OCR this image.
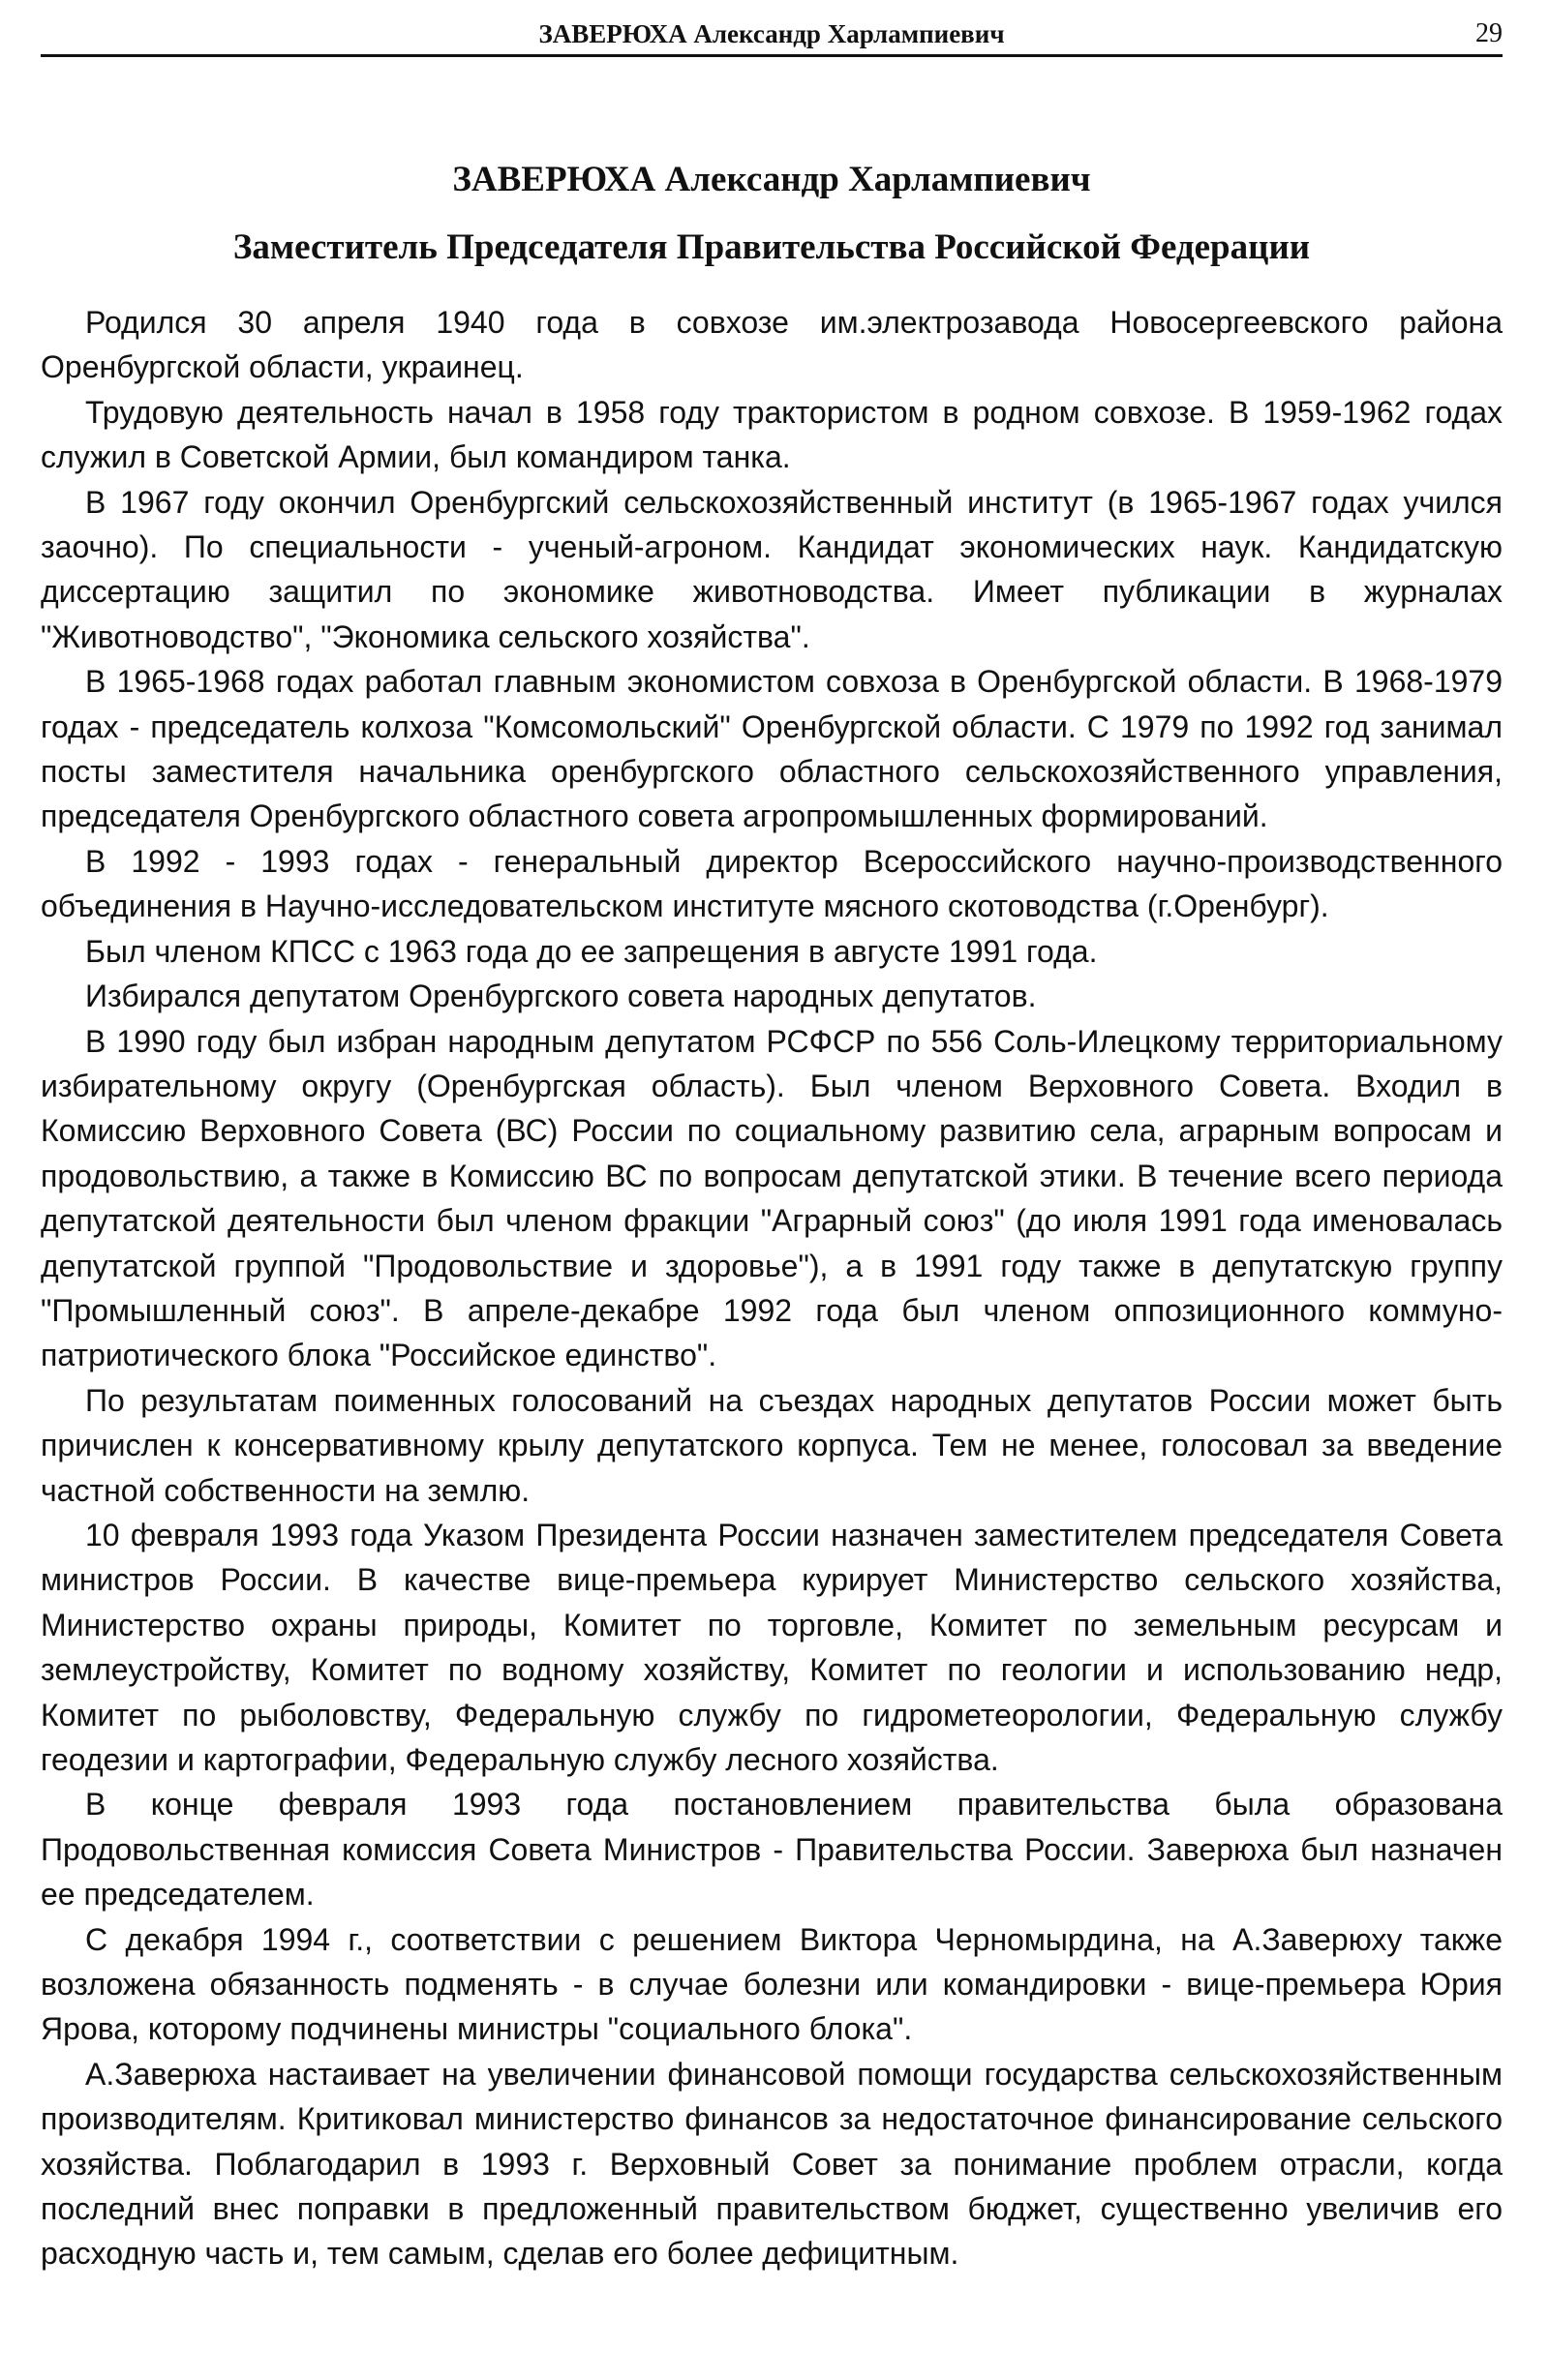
ЗАВЕРЮХА Александр Харлампиевич	29
ЗАВЕРЮХА Александр Харлампиевич
Заместитель Председателя Правительства Российской Федерации

Родился 30 апреля 1940 года в совхозе им.электрозавода Новосергеевского района Оренбургской области, украинец.

Трудовую деятельность начал в 1958 году трактористом в родном совхозе. В 1959-1962 годах служил в Советской Армии, был командиром танка.

В 1967 году окончил Оренбургский сельскохозяйственный институт (в 1965-1967 годах учился заочно). По специальности - ученый-агроном. Кандидат экономических наук. Кандидатскую диссертацию защитил по экономике животноводства. Имеет публикации в журналах "Животноводство", "Экономика сельского хозяйства".

В 1965-1968 годах работал главным экономистом совхоза в Оренбургской области. В 1968-1979 годах - председатель колхоза "Комсомольский" Оренбургской области. С 1979 по 1992 год занимал посты заместителя начальника оренбургского областного сельскохозяйственного управления, председателя Оренбургского областного совета агропромышленных формирований.

В 1992 - 1993 годах - генеральный директор Всероссийского научно-производственного объединения в Научно-исследовательском институте мясного скотоводства (г.Оренбург).

Был членом КПСС с 1963 года до ее запрещения в августе 1991 года.

Избирался депутатом Оренбургского совета народных депутатов.

В 1990 году был избран народным депутатом РСФСР по 556 Соль-Илецкому территориальному избирательному округу (Оренбургская область). Был членом Верховного Совета. Входил в Комиссию Верховного Совета (ВС) России по социальному развитию села, аграрным вопросам и продовольствию, а также в Комиссию ВС по вопросам депутатской этики. В течение всего периода депутатской деятельности был членом фракции "Аграрный союз" (до июля 1991 года именовалась депутатской группой "Продовольствие и здоровье"), а в 1991 году также в депутатскую группу "Промышленный союз". В апреле-декабре 1992 года был членом оппозиционного коммуно-патриотического блока "Российское единство".

По результатам поименных голосований на съездах народных депутатов России может быть причислен к консервативному крылу депутатского корпуса. Тем не менее, голосовал за введение частной собственности на землю.

10 февраля 1993 года Указом Президента России назначен заместителем председателя Совета министров России. В качестве вице-премьера курирует Министерство сельского хозяйства, Министерство охраны природы, Комитет по торговле, Комитет по земельным ресурсам и землеустройству, Комитет по водному хозяйству, Комитет по геологии и использованию недр, Комитет по рыболовству, Федеральную службу по гидрометеорологии, Федеральную службу геодезии и картографии, Федеральную службу лесного хозяйства.

В конце февраля 1993 года постановлением правительства была образована Продовольственная комиссия Совета Министров - Правительства России. Заверюха был назначен ее председателем.

С декабря 1994 г., соответствии с решением Виктора Черномырдина, на А.Заверюху также возложена обязанность подменять - в случае болезни или командировки - вице-премьера Юрия Ярова, которому подчинены министры "социального блока".

А.Заверюха настаивает на увеличении финансовой помощи государства сельскохозяйственным производителям. Критиковал министерство финансов за недостаточное финансирование сельского хозяйства. Поблагодарил в 1993 г. Верховный Совет за понимание проблем отрасли, когда последний внес поправки в предложенный правительством бюджет, существенно увеличив его расходную часть и, тем самым, сделав его более дефицитным.
